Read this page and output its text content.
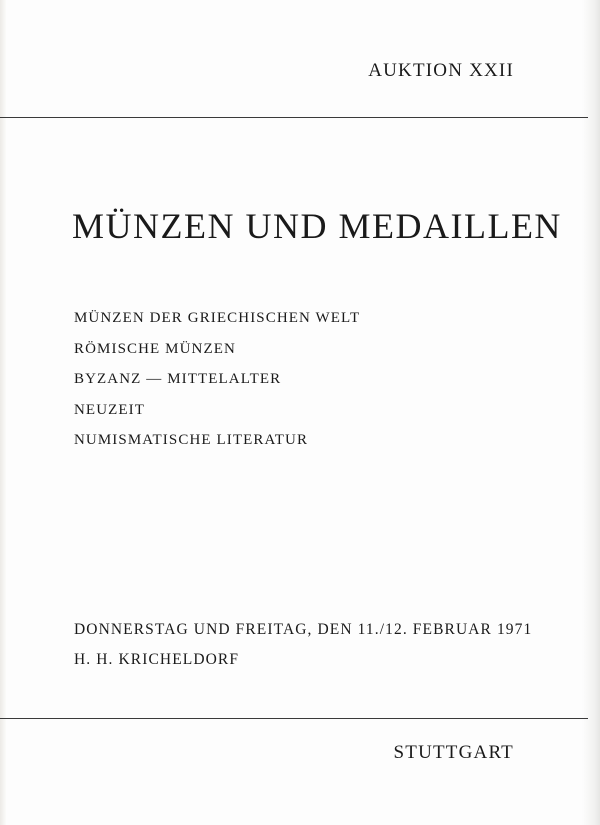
AUKTION XXII
MÜNZEN UND MEDAILLEN
MÜNZEN DER GRIECHISCHEN WELT
RÖMISCHE MÜNZEN
BYZANZ — MITTELALTER
NEUZEIT
NUMISMATISCHE LITERATUR
DONNERSTAG UND FREITAG, DEN 11./12. FEBRUAR 1971
H. H. KRICHELDORF
STUTTGART
